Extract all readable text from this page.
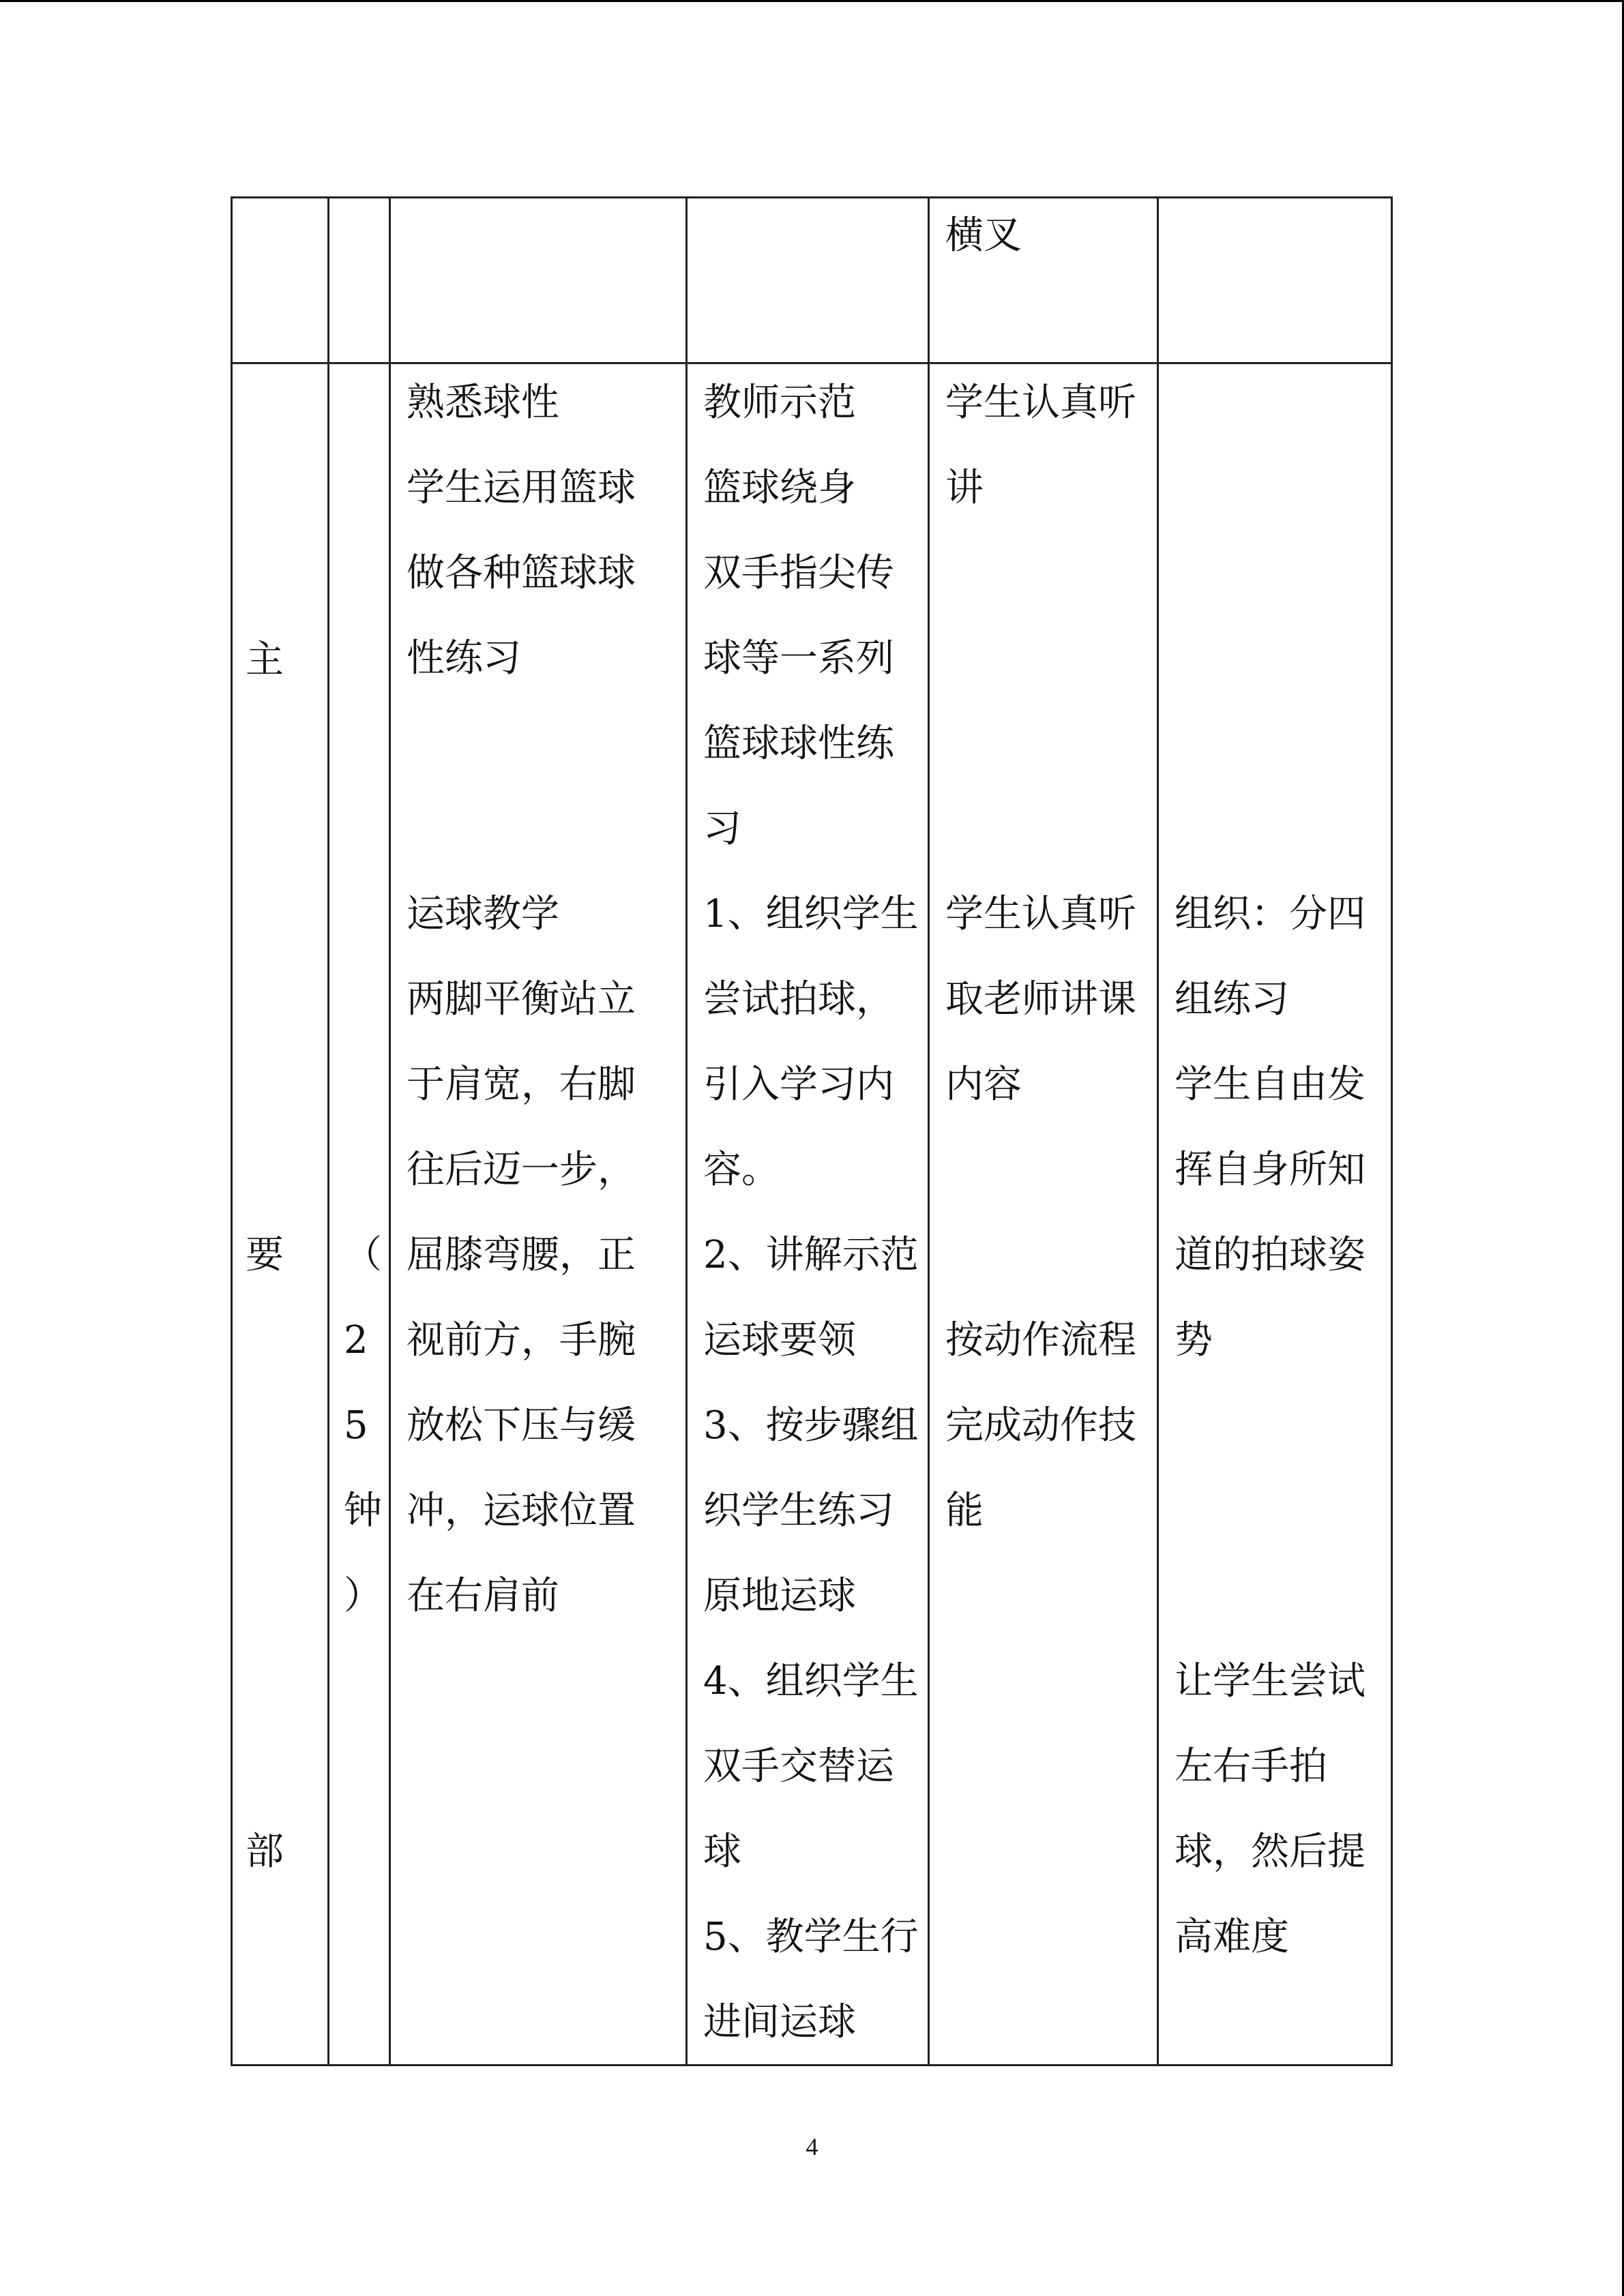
横叉
主
要
部
（
2
5
钟
）
熟悉球性
学生运用篮球
做各种篮球球
性练习
运球教学
两脚平衡站立
于肩宽，右脚
往后迈一步，
屈膝弯腰，正
视前方，手腕
放松下压与缓
冲，运球位置
在右肩前
教师示范
篮球绕身
双手指尖传
球等一系列
篮球球性练
习
1、组织学生
尝试拍球，
引入学习内
容。
2、讲解示范
运球要领
3、按步骤组
织学生练习
原地运球
4、组织学生
双手交替运
球
5、教学生行
进间运球
学生认真听
讲
学生认真听
取老师讲课
内容
按动作流程
完成动作技
能
组织：分四
组练习
学生自由发
挥自身所知
道的拍球姿
势
让学生尝试
左右手拍
球，然后提
高难度
4
